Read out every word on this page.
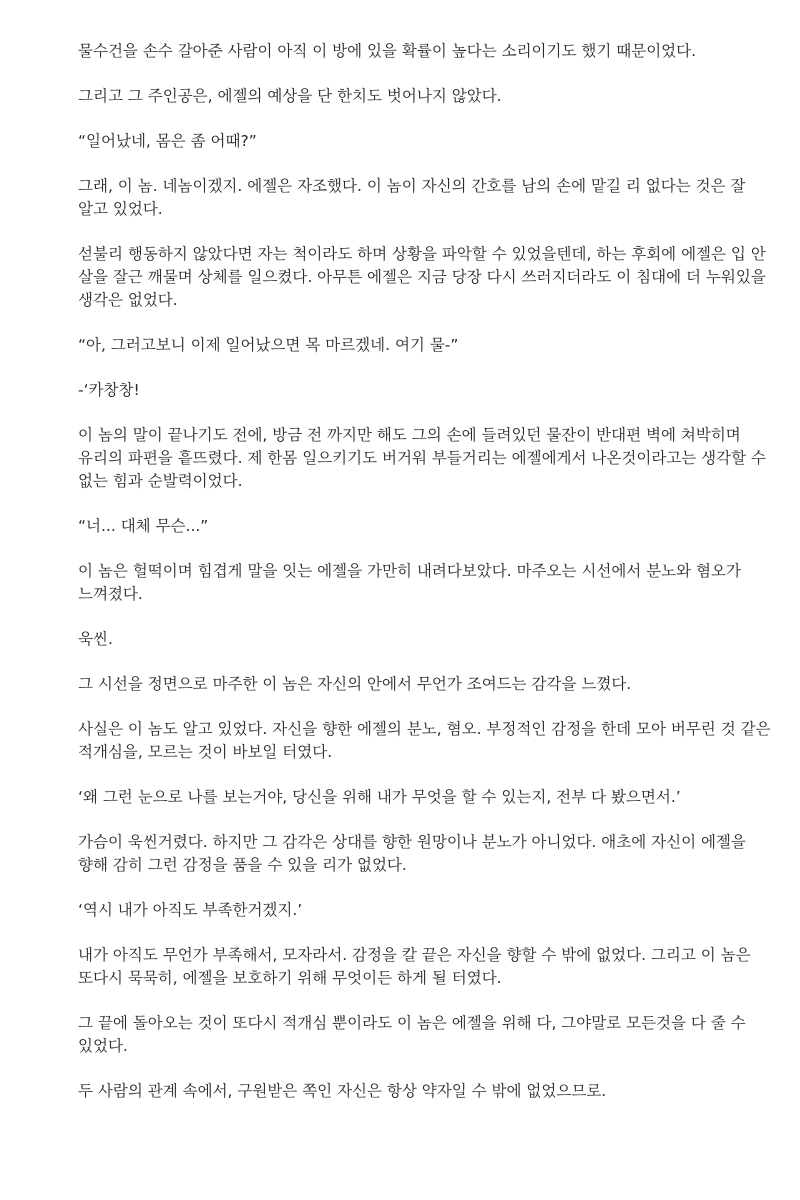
물수건을 손수 갈아준 사람이 아직 이 방에 있을 확률이 높다는 소리이기도 했기 때문이었다.

그리고 그 주인공은, 에젤의 예상을 단 한치도 벗어나지 않았다.

“일어났네, 몸은 좀 어때?”

그래, 이 놈. 네놈이겠지. 에젤은 자조했다. 이 놈이 자신의 간호를 남의 손에 맡길 리 없다는 것은 잘 알고 있었다.

섣불리 행동하지 않았다면 자는 척이라도 하며 상황을 파악할 수 있었을텐데, 하는 후회에 에젤은 입 안 살을 잘근 깨물며 상체를 일으켰다. 아무튼 에젤은 지금 당장 다시 쓰러지더라도 이 침대에 더 누워있을 생각은 없었다.

“아, 그러고보니 이제 일어났으면 목 마르겠네. 여기 물-”

-‘카창창!

이 놈의 말이 끝나기도 전에, 방금 전 까지만 해도 그의 손에 들려있던 물잔이 반대편 벽에 쳐박히며 유리의 파편을 흩뜨렸다. 제 한몸 일으키기도 버거워 부들거리는 에젤에게서 나온것이라고는 생각할 수 없는 힘과 순발력이었다.

“너... 대체 무슨...”

이 놈은 헐떡이며 힘겹게 말을 잇는 에젤을 가만히 내려다보았다. 마주오는 시선에서 분노와 혐오가 느껴졌다.

욱씬.

그 시선을 정면으로 마주한 이 놈은 자신의 안에서 무언가 조여드는 감각을 느꼈다.

사실은 이 놈도 알고 있었다. 자신을 향한 에젤의 분노, 혐오. 부정적인 감정을 한데 모아 버무린 것 같은 적개심을, 모르는 것이 바보일 터였다.

‘왜 그런 눈으로 나를 보는거야, 당신을 위해 내가 무엇을 할 수 있는지, 전부 다 봤으면서.’

가슴이 욱씬거렸다. 하지만 그 감각은 상대를 향한 원망이나 분노가 아니었다. 애초에 자신이 에젤을 향해 감히 그런 감정을 품을 수 있을 리가 없었다.

‘역시 내가 아직도 부족한거겠지.’

내가 아직도 무언가 부족해서, 모자라서. 감정을 칼 끝은 자신을 향할 수 밖에 없었다. 그리고 이 놈은 또다시 묵묵히, 에젤을 보호하기 위해 무엇이든 하게 될 터였다.

그 끝에 돌아오는 것이 또다시 적개심 뿐이라도 이 놈은 에젤을 위해 다, 그야말로 모든것을 다 줄 수 있었다.

두 사람의 관계 속에서, 구원받은 쪽인 자신은 항상 약자일 수 밖에 없었으므로.
